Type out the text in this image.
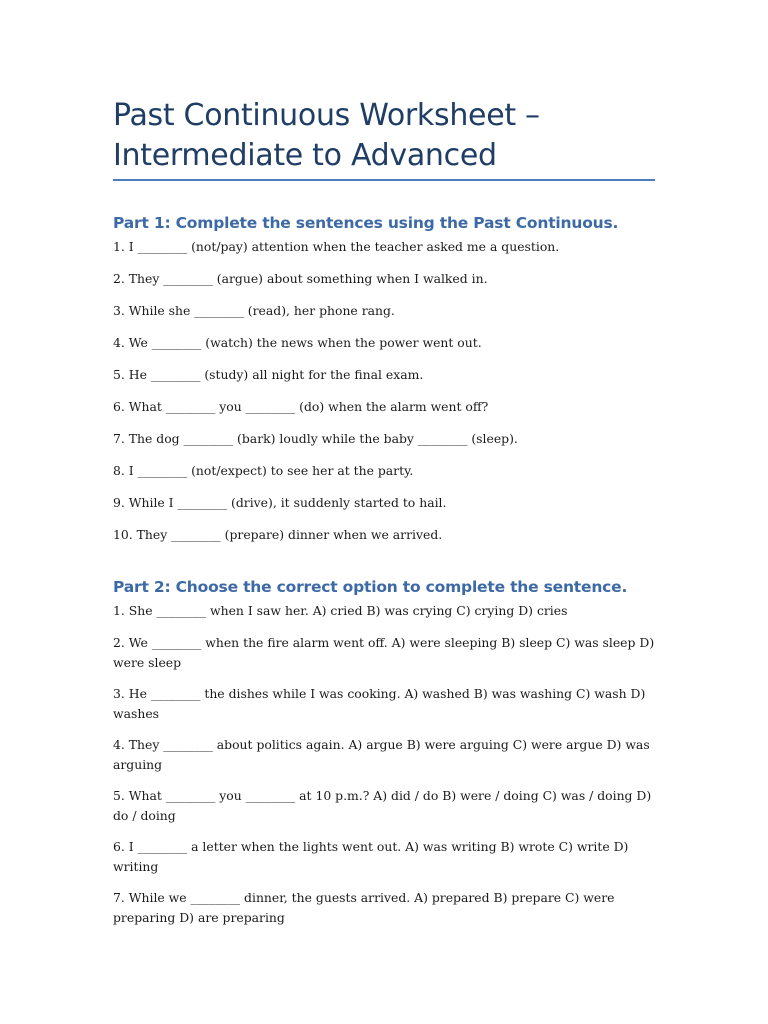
Past Continuous Worksheet – Intermediate to Advanced
Part 1: Complete the sentences using the Past Continuous.

1. I ________ (not/pay) attention when the teacher asked me a question.

2. They ________ (argue) about something when I walked in.

3. While she ________ (read), her phone rang.

4. We ________ (watch) the news when the power went out.

5. He ________ (study) all night for the final exam.

6. What ________ you ________ (do) when the alarm went off?

7. The dog ________ (bark) loudly while the baby ________ (sleep).

8. I ________ (not/expect) to see her at the party.

9. While I ________ (drive), it suddenly started to hail.

10. They ________ (prepare) dinner when we arrived.

Part 2: Choose the correct option to complete the sentence.

1. She ________ when I saw her. A) cried B) was crying C) crying D) cries

2. We ________ when the fire alarm went off. A) were sleeping B) sleep C) was sleep D) were sleep

3. He ________ the dishes while I was cooking. A) washed B) was washing C) wash D) washes

4. They ________ about politics again. A) argue B) were arguing C) were argue D) was arguing

5. What ________ you ________ at 10 p.m.? A) did / do B) were / doing C) was / doing D) do / doing

6. I ________ a letter when the lights went out. A) was writing B) wrote C) write D) writing

7. While we ________ dinner, the guests arrived. A) prepared B) prepare C) were preparing D) are preparing
